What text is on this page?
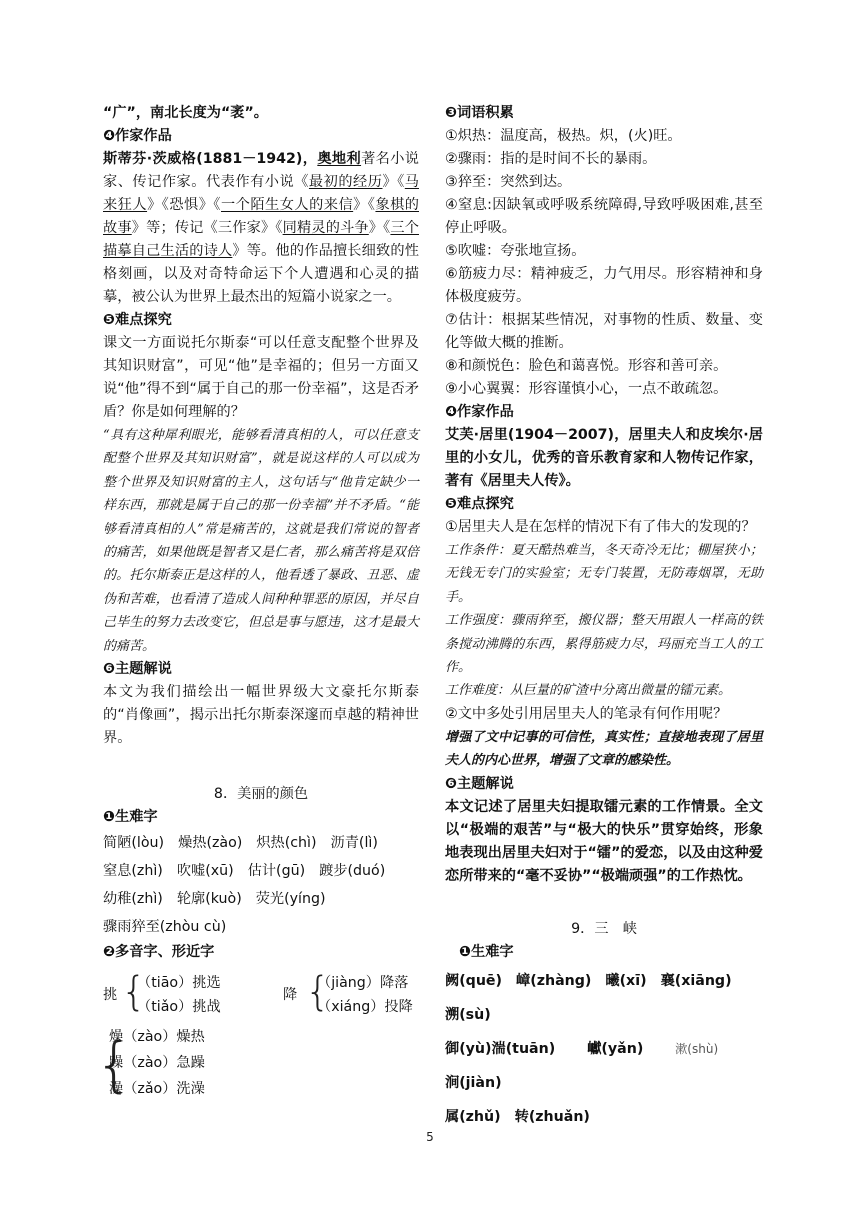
“广”，南北长度为“袤”。

❹作家作品

斯蒂芬·茨威格(1881－1942)，奥地利著名小说家、传记作家。代表作有小说《最初的经历》《马来狂人》《恐惧》《一个陌生女人的来信》《象棋的故事》等；传记《三作家》《同精灵的斗争》《三个描摹自己生活的诗人》等。他的作品擅长细致的性格刻画，以及对奇特命运下个人遭遇和心灵的描摹，被公认为世界上最杰出的短篇小说家之一。

❺难点探究

课文一方面说托尔斯泰“可以任意支配整个世界及其知识财富”，可见“他”是幸福的；但另一方面又说“他”得不到“属于自己的那一份幸福”，这是否矛盾？你是如何理解的？

“具有这种犀利眼光，能够看清真相的人，可以任意支配整个世界及其知识财富”，就是说这样的人可以成为整个世界及知识财富的主人，这句话与“他肯定缺少一样东西，那就是属于自己的那一份幸福”并不矛盾。“能够看清真相的人”常是痛苦的，这就是我们常说的智者的痛苦，如果他既是智者又是仁者，那么痛苦将是双倍的。托尔斯泰正是这样的人，他看透了暴政、丑恶、虚伪和苦难，也看清了造成人间种种罪恶的原因，并尽自己毕生的努力去改变它，但总是事与愿违，这才是最大的痛苦。

❻主题解说

本文为我们描绘出一幅世界级大文豪托尔斯泰的“肖像画”，揭示出托尔斯泰深邃而卓越的精神世界。

8．美丽的颜色

❶生难字

简陋(lòu) 燥热(zào) 炽热(chì) 沥青(lì)
窒息(zhì) 吹嘘(xū) 估计(gū) 踱步(duó)
幼稚(zhì) 轮廓(kuò) 荧光(yíng)
骤雨猝至(zhòu cù)

❷多音字、形近字

挑 {
（tiāo）挑选
（tiǎo）挑战
降 {
（jiàng）降落
（xiáng）投降
{
燥（zào）燥热
躁（zào）急躁
澡（zǎo）洗澡

❸词语积累

①炽热：温度高，极热。炽，(火)旺。

②骤雨：指的是时间不长的暴雨。

③猝至：突然到达。

④窒息:因缺氧或呼吸系统障碍,导致呼吸困难,甚至停止呼吸。

⑤吹嘘：夸张地宣扬。

⑥筋疲力尽：精神疲乏，力气用尽。形容精神和身体极度疲劳。

⑦估计：根据某些情况，对事物的性质、数量、变化等做大概的推断。

⑧和颜悦色：脸色和蔼喜悦。形容和善可亲。

⑨小心翼翼：形容谨慎小心，一点不敢疏忽。

❹作家作品

艾芙·居里(1904－2007)，居里夫人和皮埃尔·居里的小女儿，优秀的音乐教育家和人物传记作家，著有《居里夫人传》。

❺难点探究

①居里夫人是在怎样的情况下有了伟大的发现的？

工作条件：夏天酷热难当，冬天奇冷无比；棚屋狭小；无钱无专门的实验室；无专门装置，无防毒烟罩，无助手。

工作强度：骤雨猝至，搬仪器；整天用跟人一样高的铁条搅动沸腾的东西，累得筋疲力尽，玛丽充当工人的工作。

工作难度：从巨量的矿渣中分离出微量的镭元素。

②文中多处引用居里夫人的笔录有何作用呢？

增强了文中记事的可信性，真实性；直接地表现了居里夫人的内心世界，增强了文章的感染性。

❻主题解说

本文记述了居里夫妇提取镭元素的工作情景。全文以“极端的艰苦”与“极大的快乐”贯穿始终，形象地表现出居里夫妇对于“镭”的爱恋，以及由这种爱恋所带来的“毫不妥协”“极端顽强”的工作热忱。

9．三　峡

❶生难字

阙(quē) 嶂(zhàng) 曦(xī) 襄(xiāng)
溯(sù)
御(yù)湍(tuān) 巘(yǎn)	漱(shù)
涧(jiàn)
属(zhǔ) 转(zhuǎn)
5
